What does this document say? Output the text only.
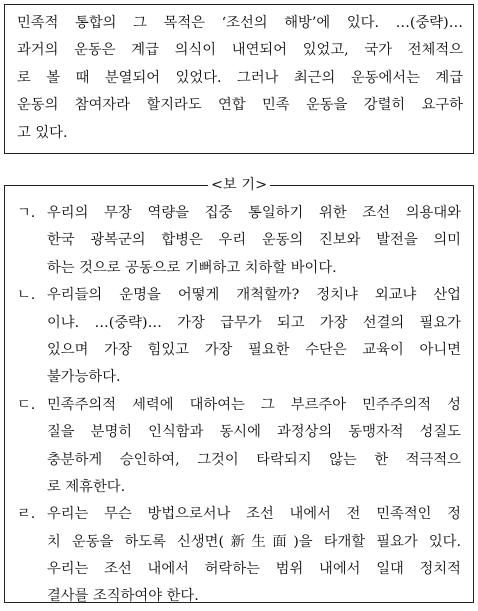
민족적 통합의 그 목적은 ‘조선의 해방’에 있다. …(중략)…
과거의 운동은 계급 의식이 내연되어 있었고, 국가 전체적으
로 볼 때 분열되어 있었다. 그러나 최근의 운동에서는 계급
운동의 참여자라 할지라도 연합 민족 운동을 강렬히 요구하
고 있다.
ㄱ. 우리의 무장 역량을 집중 통일하기 위한 조선 의용대와
한국 광복군의 합병은 우리 운동의 진보와 발전을 의미
하는 것으로 공동으로 기뻐하고 치하할 바이다.
ㄴ. 우리들의 운명을 어떻게 개척할까? 정치냐 외교냐 산업
이냐. …(중략)… 가장 급무가 되고 가장 선결의 필요가
있으며 가장 힘있고 가장 필요한 수단은 교육이 아니면
불가능하다.
ㄷ. 민족주의적 세력에 대하여는 그 부르주아 민주주의적 성
질을 분명히 인식함과 동시에 과정상의 동맹자적 성질도
충분하게 승인하여, 그것이 타락되지 않는 한 적극적으
로 제휴한다.
ㄹ. 우리는 무슨 방법으로서나 조선 내에서 전 민족적인 정
치 운동을 하도록 신생면(新生面)을 타개할 필요가 있다.
우리는 조선 내에서 허락하는 범위 내에서 일대 정치적
결사를 조직하여야 한다.
<보 기>
